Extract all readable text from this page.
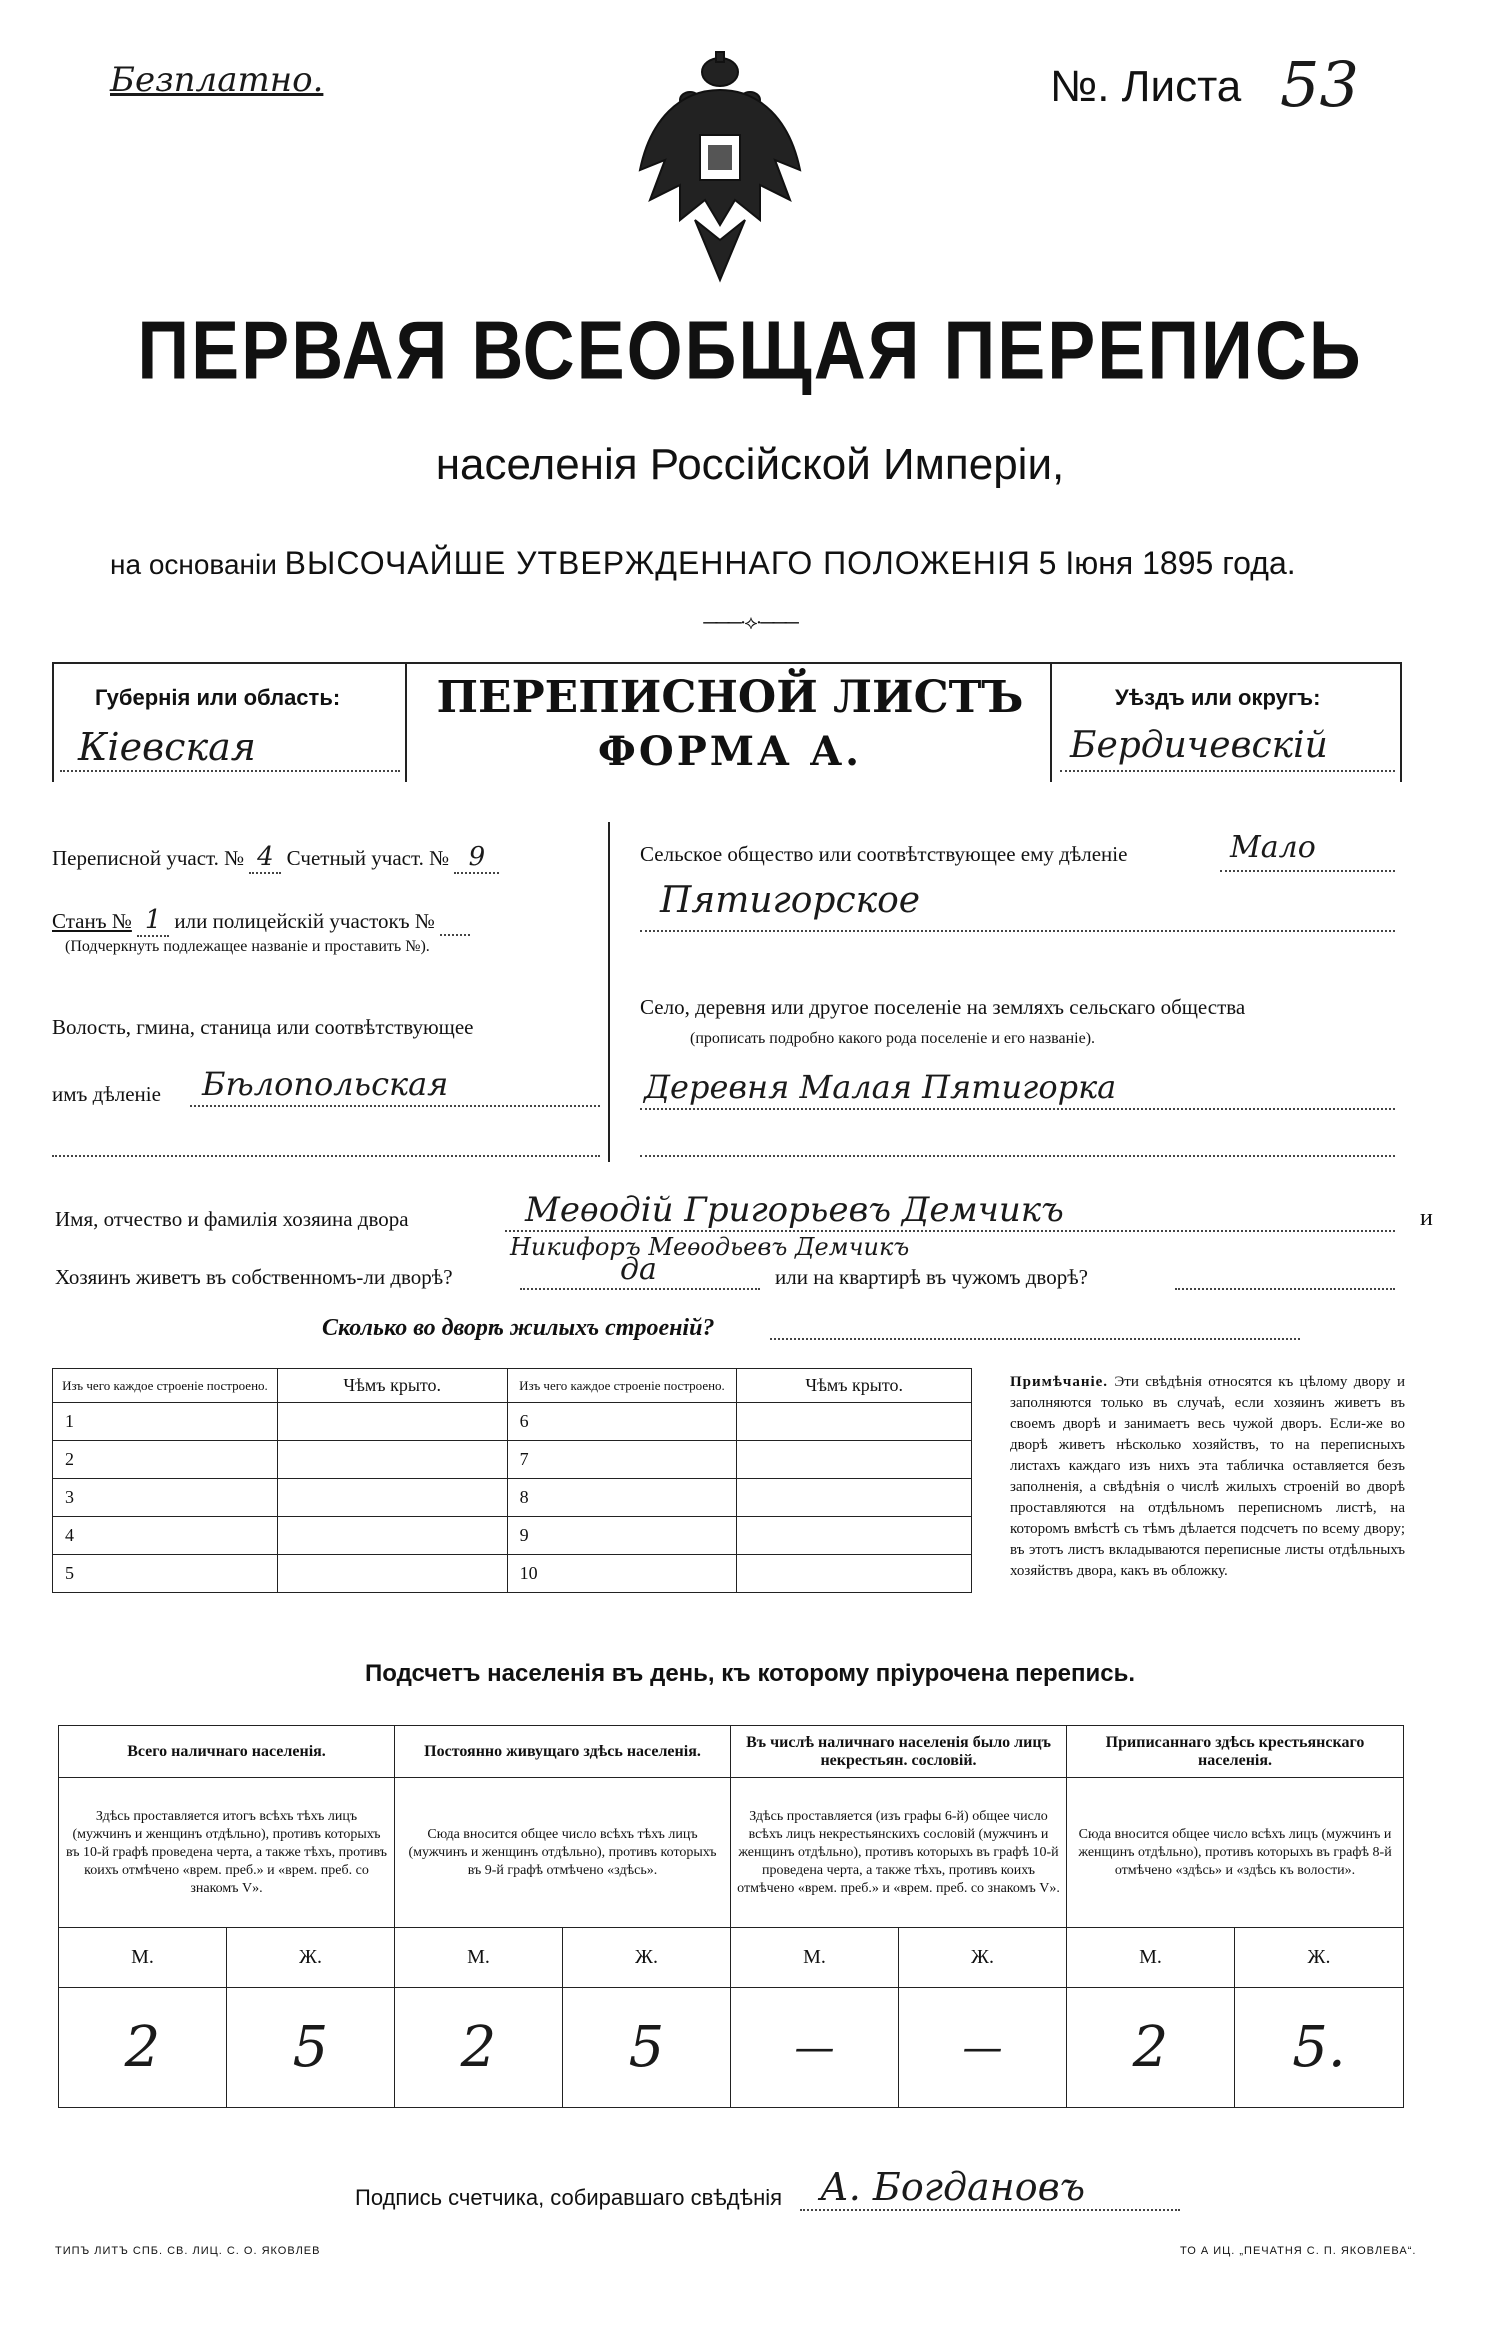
Безплатно.	№. Листа 53
ПЕРВАЯ ВСЕОБЩАЯ ПЕРЕПИСЬ
населенія Россійской Имперіи,
на основаніи ВЫСОЧАЙШЕ УТВЕРЖДЕННАГО ПОЛОЖЕНІЯ 5 Іюня 1895 года.
───·⟡·───
Губернія или область:
Кіевская
ПЕРЕПИСНОЙ ЛИСТЪ
ФОРМА А.
Уѣздъ или округъ:
Бердичевскій
Переписной участ. № 4 Счетный участ. № 9
Станъ № 1 или полицейскій участокъ №
(Подчеркнуть подлежащее названіе и проставить №).
Волость, гмина, станица или соотвѣтствующее
имъ дѣленіе	Бѣлопольская
Сельское общество или соотвѣтствующее ему дѣленіе	Мало
Пятигорское
Село, деревня или другое поселеніе на земляхъ сельскаго общества
(прописать подробно какого рода поселеніе и его названіе).
Деревня Малая Пятигорка
Имя, отчество и фамилія хозяина двора	Меѳодій Григорьевъ Демчикъ	и
Никифоръ Меѳодьевъ Демчикъ
Хозяинъ живетъ въ собственномъ-ли дворѣ?	да	или на квартирѣ въ чужомъ дворѣ?
Сколько во дворѣ жилыхъ строеній?
Изъ чего каждое строеніе построено.	Чѣмъ крыто.	Изъ чего каждое строеніе построено.	Чѣмъ крыто.
1		6	
2		7	
3		8	
4		9	
5		10	
Примѣчаніе. Эти свѣдѣнія относятся къ цѣлому двору и заполняются только въ случаѣ, если хозяинъ живетъ въ своемъ дворѣ и занимаетъ весь чужой дворъ. Если-же во дворѣ живетъ нѣсколько хозяйствъ, то на переписныхъ листахъ каждаго изъ нихъ эта табличка оставляется безъ заполненія, а свѣдѣнія о числѣ жилыхъ строеній во дворѣ проставляются на отдѣльномъ переписномъ листѣ, на которомъ вмѣстѣ съ тѣмъ дѣлается подсчетъ по всему двору; въ этотъ листъ вкладываются переписные листы отдѣльныхъ хозяйствъ двора, какъ въ обложку.
Подсчетъ населенія въ день, къ которому пріурочена перепись.
Всего наличнаго населенія.		Постоянно живущаго здѣсь населенія.		Въ числѣ наличнаго населенія было лицъ некрестьян. сословій.		Приписаннаго здѣсь крестьянскаго населенія.	
Здѣсь проставляется итогъ всѣхъ тѣхъ лицъ (мужчинъ и женщинъ отдѣльно), противъ которыхъ въ 10-й графѣ проведена черта, а также тѣхъ, противъ коихъ отмѣчено «врем. преб.» и «врем. преб. со знакомъ V».		Сюда вносится общее число всѣхъ тѣхъ лицъ (мужчинъ и женщинъ отдѣльно), противъ которыхъ въ 9-й графѣ отмѣчено «здѣсь».		Здѣсь проставляется (изъ графы 6-й) общее число всѣхъ лицъ некрестьянскихъ сословій (мужчинъ и женщинъ отдѣльно), противъ которыхъ въ графѣ 10-й проведена черта, а также тѣхъ, противъ коихъ отмѣчено «врем. преб.» и «врем. преб. со знакомъ V».		Сюда вносится общее число всѣхъ лицъ (мужчинъ и женщинъ отдѣльно), противъ которыхъ въ графѣ 8-й отмѣчено «здѣсь» и «здѣсь къ волости».	
М.	Ж.	М.	Ж.	М.	Ж.	М.	Ж.
2	5	2	5	—	—	2	5.
Подпись счетчика, собиравшаго свѣдѣнія А. Богдановъ
ТИПЪ ЛИТЪ СПБ. СВ. ЛИЦ. С. О. ЯКОВЛЕВ	ТО А ИЦ. „ПЕЧАТНЯ С. П. ЯКОВЛЕВА“.
